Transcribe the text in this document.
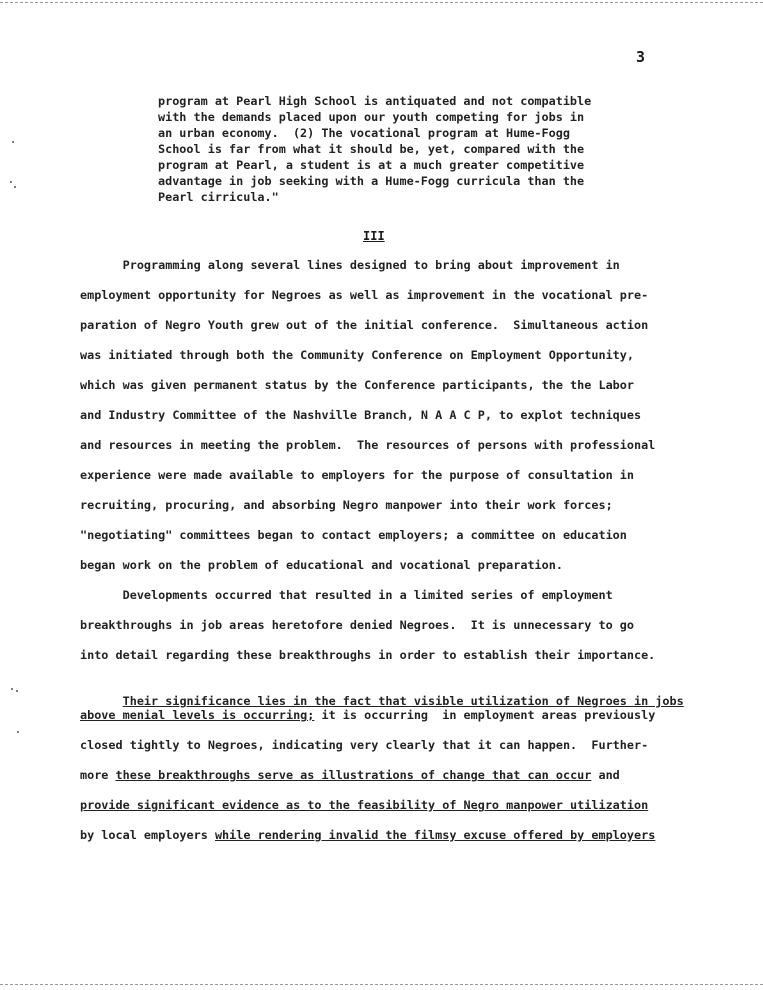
3
program at Pearl High School is antiquated and not compatible
with the demands placed upon our youth competing for jobs in
an urban economy.  (2) The vocational program at Hume-Fogg
School is far from what it should be, yet, compared with the
program at Pearl, a student is at a much greater competitive
advantage in job seeking with a Hume-Fogg curricula than the
Pearl cirricula."
III
Programming along several lines designed to bring about improvement in
employment opportunity for Negroes as well as improvement in the vocational pre-
paration of Negro Youth grew out of the initial conference.  Simultaneous action
was initiated through both the Community Conference on Employment Opportunity,
which was given permanent status by the Conference participants, the the Labor
and Industry Committee of the Nashville Branch, N A A C P, to explot techniques
and resources in meeting the problem.  The resources of persons with professional
experience were made available to employers for the purpose of consultation in
recruiting, procuring, and absorbing Negro manpower into their work forces;
"negotiating" committees began to contact employers; a committee on education
began work on the problem of educational and vocational preparation.
Developments occurred that resulted in a limited series of employment
breakthroughs in job areas heretofore denied Negroes.  It is unnecessary to go
into detail regarding these breakthroughs in order to establish their importance.

Their significance lies in the fact that visible utilization of Negroes in jobs

above menial levels is occurring; it is occurring  in employment areas previously
closed tightly to Negroes, indicating very clearly that it can happen.  Further-
more these breakthroughs serve as illustrations of change that can occur and
provide significant evidence as to the feasibility of Negro manpower utilization
by local employers while rendering invalid the filmsy excuse offered by employers
